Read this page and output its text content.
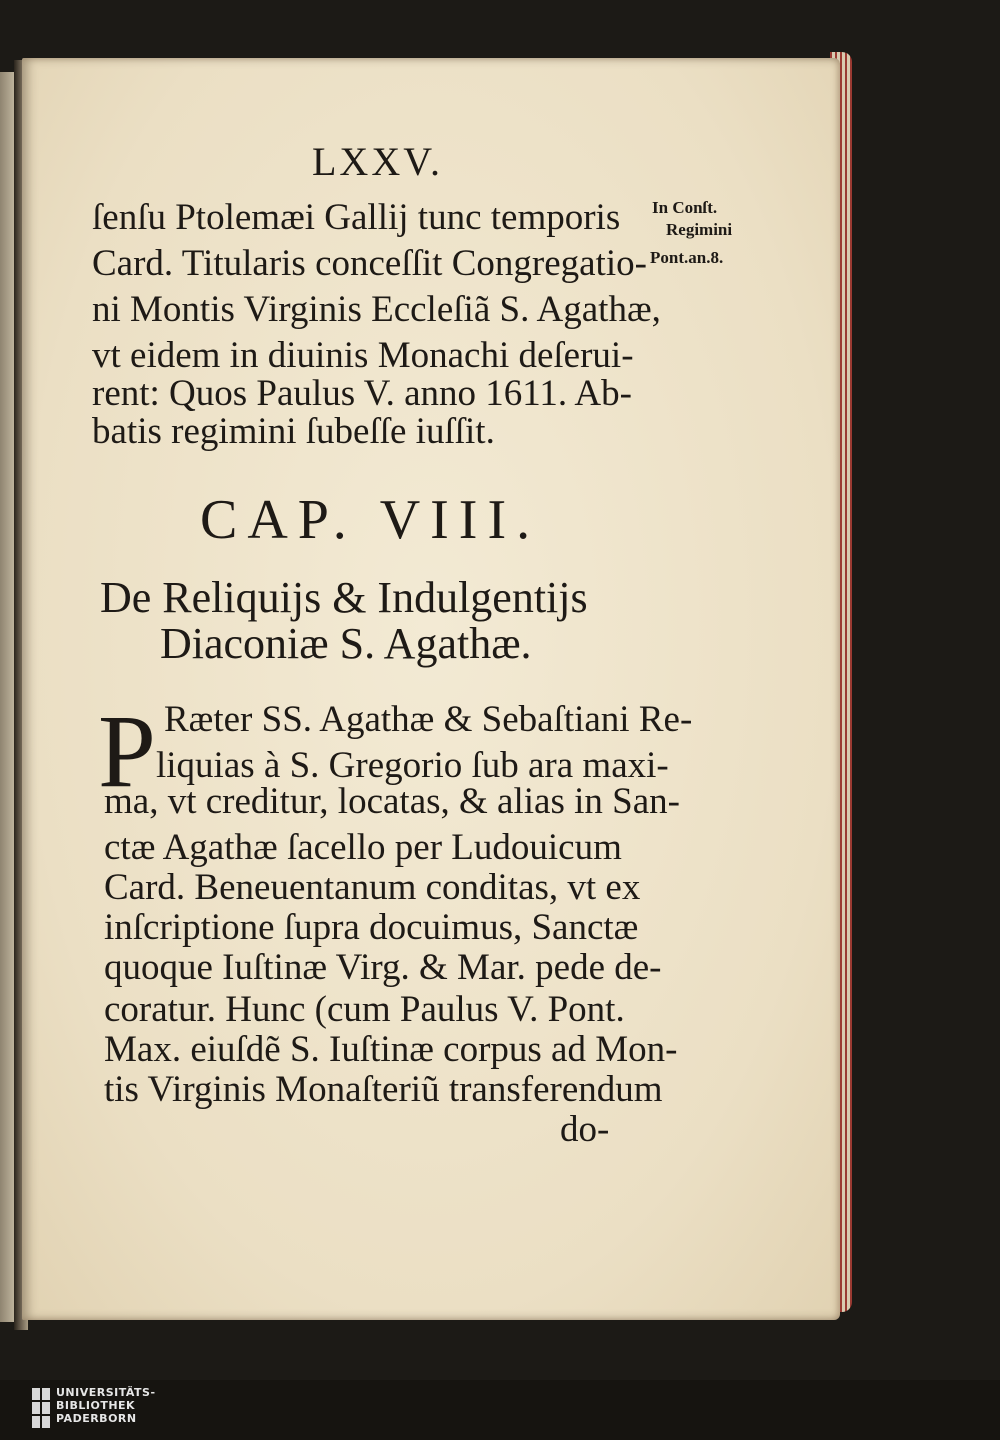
LXXV.
ſenſu Ptolemæi Gallij tunc temporis
Card. Titularis conceſſit Congregatio-
ni Montis Virginis Eccleſiã S. Agathæ,
vt eidem in diuinis Monachi deſerui-
rent: Quos Paulus V. anno 1611. Ab-
batis regimini ſubeſſe iuſſit.
In Conſt.
Regimini
Pont.an.8.
CAP. VIII.
De Reliquijs & Indulgentijs
Diaconiæ S. Agathæ.
P Ræter SS. Agathæ & Sebaſtiani Re-
liquias à S. Gregorio ſub ara maxi-
ma, vt creditur, locatas, & alias in San-
ctæ Agathæ ſacello per Ludouicum
Card. Beneuentanum conditas, vt ex
inſcriptione ſupra docuimus, Sanctæ
quoque Iuſtinæ Virg. & Mar. pede de-
coratur. Hunc (cum Paulus V. Pont.
Max. eiuſdẽ S. Iuſtinæ corpus ad Mon-
tis Virginis Monaſteriũ transferendum
do-
UNIVERSITÄTS-
BIBLIOTHEK
PADERBORN
